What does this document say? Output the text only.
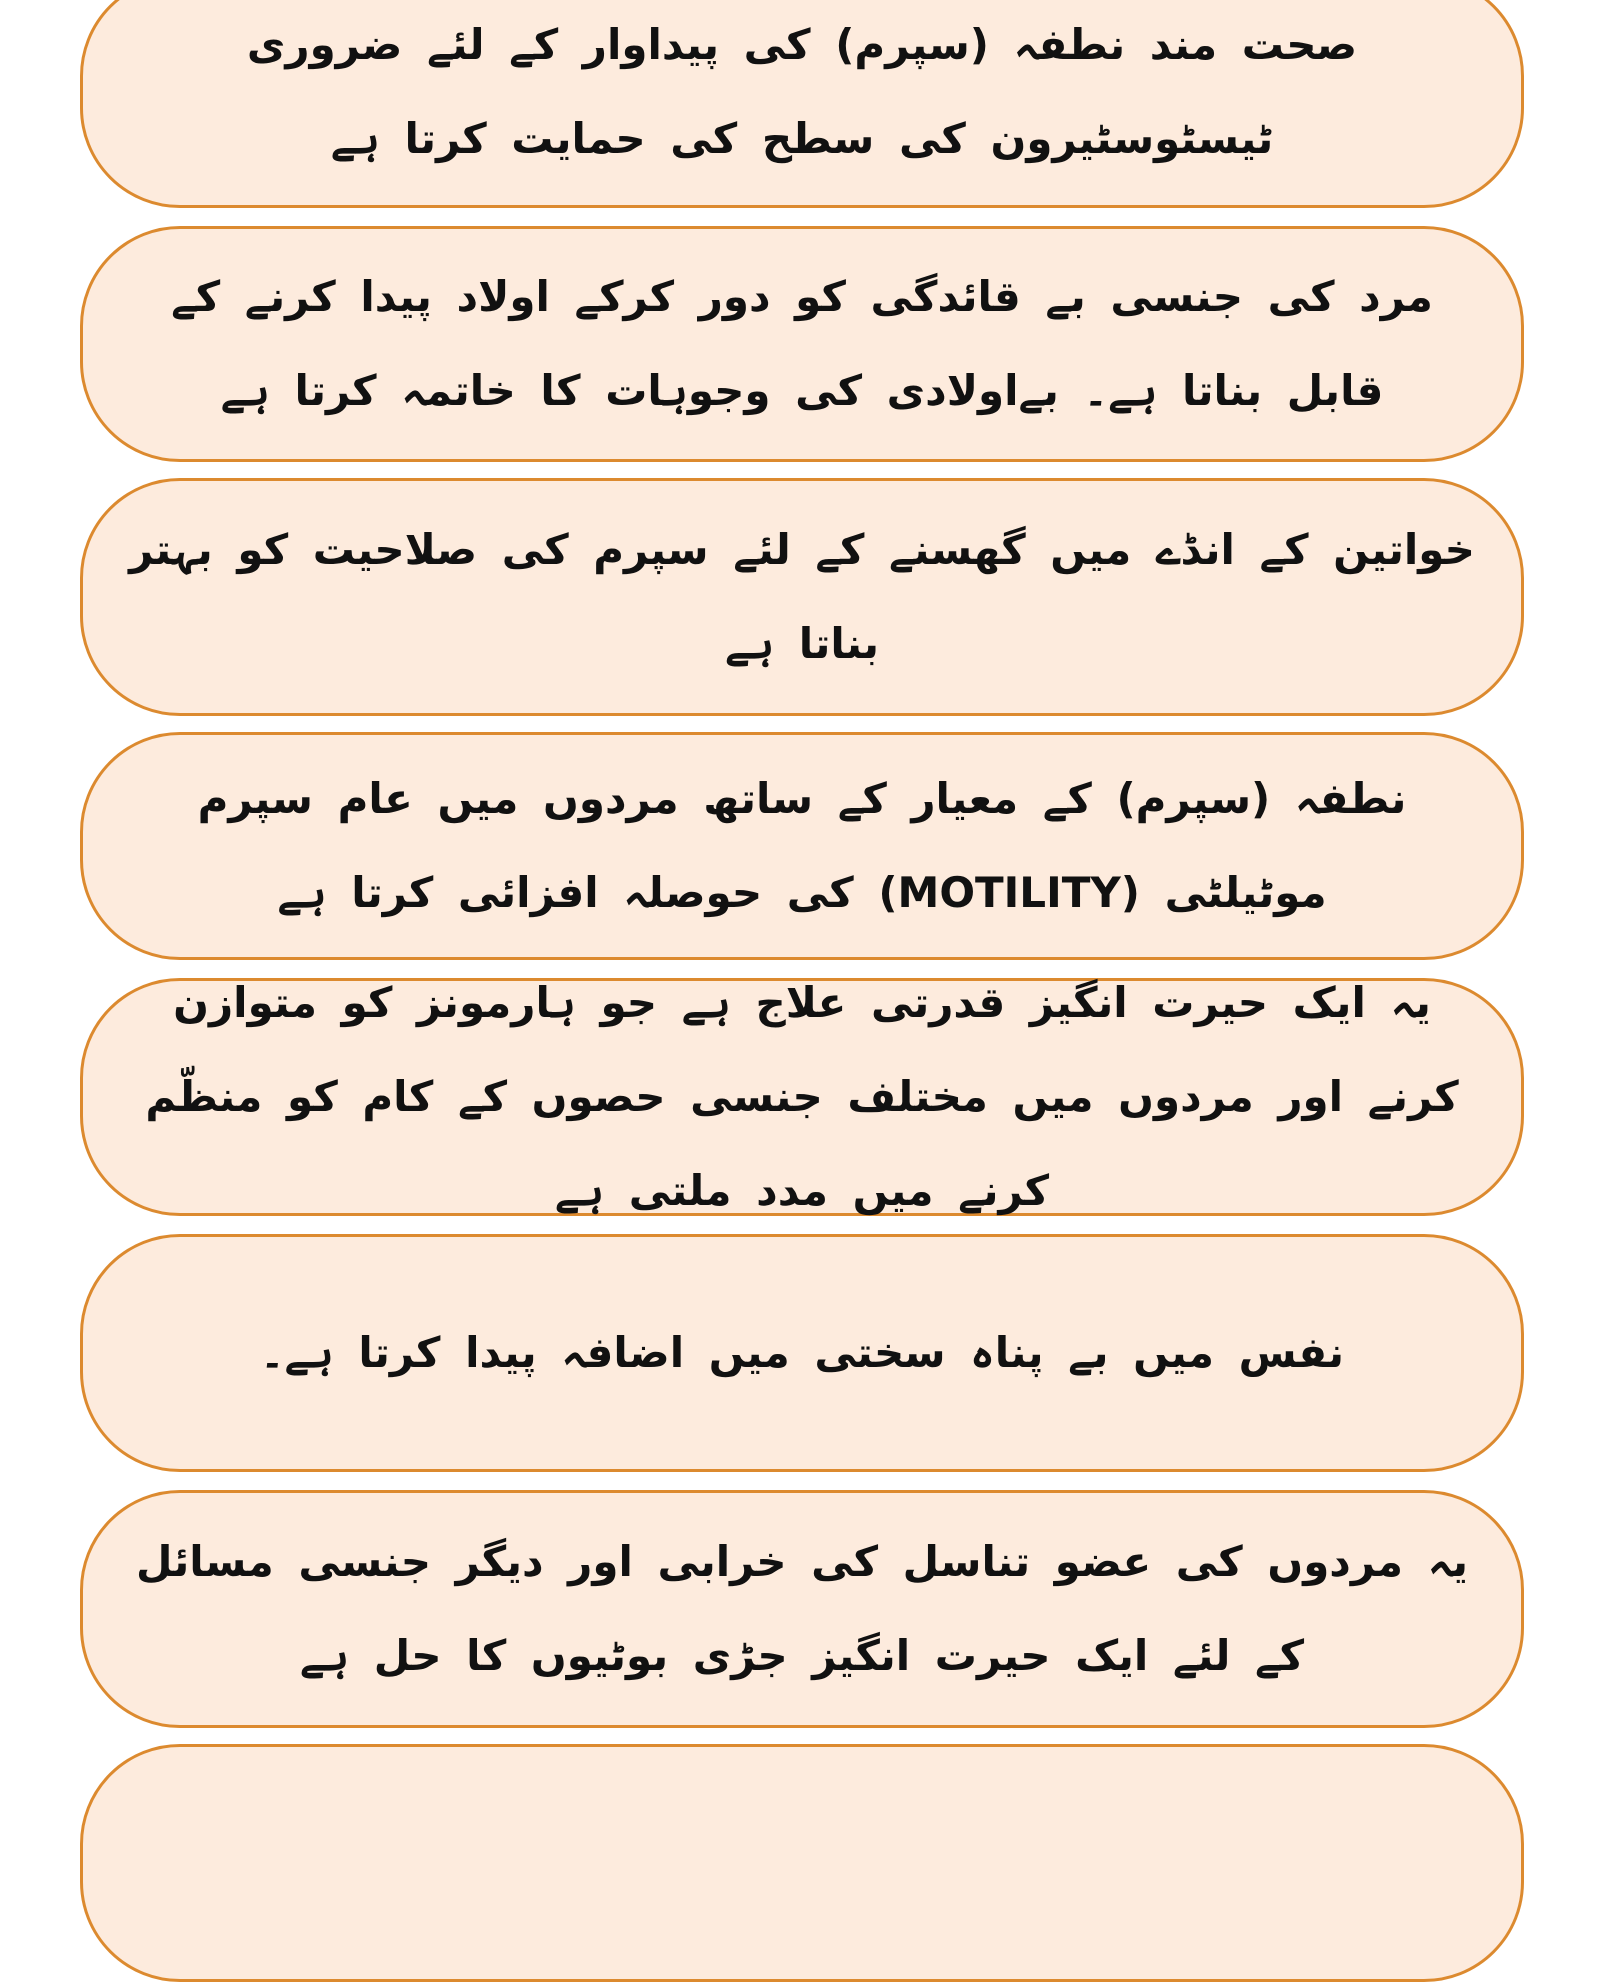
صحت مند نطفہ (سپرم) کی پیداوار کے لئے ضروری ٹیسٹوسٹیرون کی سطح کی حمایت کرتا ہے
مرد کی جنسی بے قائدگی کو دور کرکے اولاد پیدا کرنے کے قابل بناتا ہے۔ بےاولادی کی وجوہات کا خاتمہ کرتا ہے
خواتین کے انڈے میں گھسنے کے لئے سپرم کی صلاحیت کو بہتر بناتا ہے
نطفہ (سپرم) کے معیار کے ساتھ مردوں میں عام سپرم موٹیلٹی (MOTILITY) کی حوصلہ افزائی کرتا ہے
یہ ایک حیرت انگیز قدرتی علاج ہے جو ہارمونز کو متوازن کرنے اور مردوں میں مختلف جنسی حصوں کے کام کو منظّم کرنے میں مدد ملتی ہے
نفس میں بے پناہ سختی میں اضافہ پیدا کرتا ہے۔
یہ مردوں کی عضو تناسل کی خرابی اور دیگر جنسی مسائل کے لئے ایک حیرت انگیز جڑی بوٹیوں کا حل ہے
